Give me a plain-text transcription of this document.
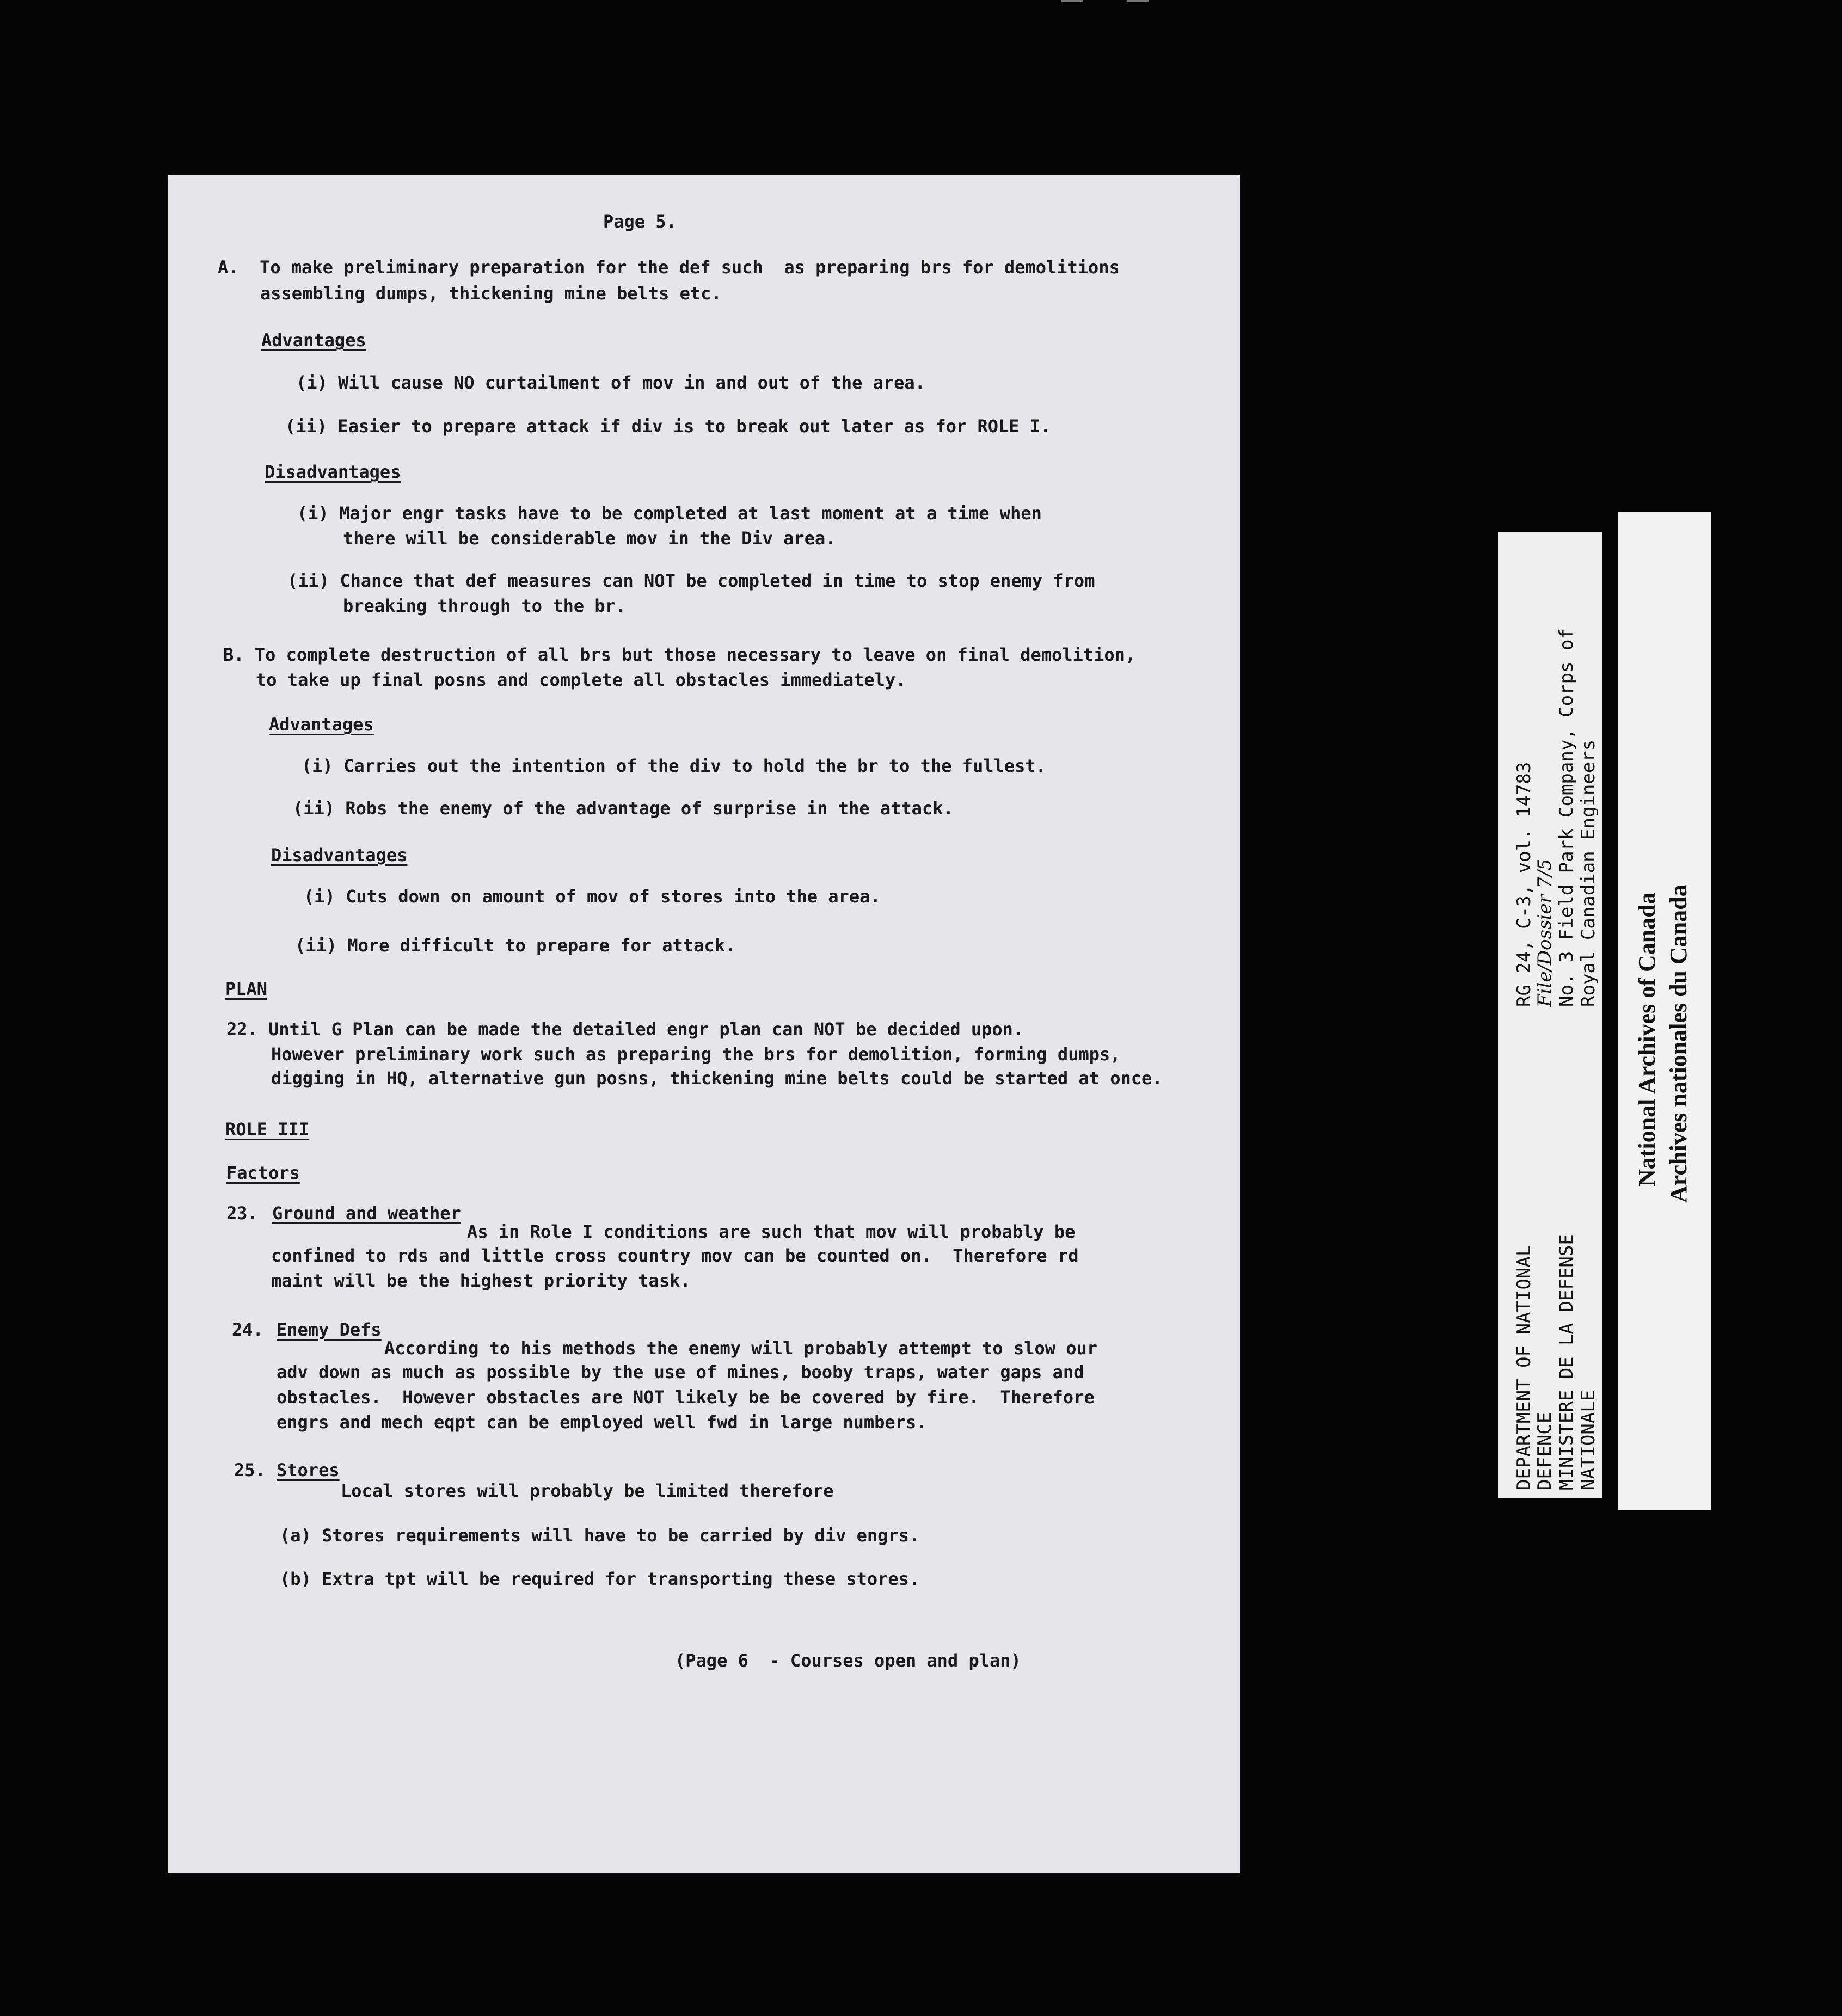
Page 5.
A.  To make preliminary preparation for the def such  as preparing brs for demolitions
assembling dumps, thickening mine belts etc.
Advantages
(i) Will cause NO curtailment of mov in and out of the area.
(ii) Easier to prepare attack if div is to break out later as for ROLE I.
Disadvantages
(i) Major engr tasks have to be completed at last moment at a time when
there will be considerable mov in the Div area.
(ii) Chance that def measures can NOT be completed in time to stop enemy from
breaking through to the br.
B. To complete destruction of all brs but those necessary to leave on final demolition,
to take up final posns and complete all obstacles immediately.
Advantages
(i) Carries out the intention of the div to hold the br to the fullest.
(ii) Robs the enemy of the advantage of surprise in the attack.
Disadvantages
(i) Cuts down on amount of mov of stores into the area.
(ii) More difficult to prepare for attack.
PLAN
22. Until G Plan can be made the detailed engr plan can NOT be decided upon.
However preliminary work such as preparing the brs for demolition, forming dumps,
digging in HQ, alternative gun posns, thickening mine belts could be started at once.
ROLE III
Factors
23. Ground and weather
As in Role I conditions are such that mov will probably be
confined to rds and little cross country mov can be counted on.  Therefore rd
maint will be the highest priority task.
24. Enemy Defs
According to his methods the enemy will probably attempt to slow our
adv down as much as possible by the use of mines, booby traps, water gaps and
obstacles.  However obstacles are NOT likely be be covered by fire.  Therefore
engrs and mech eqpt can be employed well fwd in large numbers.
25. Stores
Local stores will probably be limited therefore
(a) Stores requirements will have to be carried by div engrs.
(b) Extra tpt will be required for transporting these stores.
(Page 6  - Courses open and plan)
RG 24, C-3, vol. 14783
File/Dossier 7/5 No. 3 Field Park Company, Corps of Royal Canadian Engineers
DEPARTMENT OF NATIONAL
DEFENCE MINISTERE DE LA DEFENSE NATIONALE
National Archives of Canada Archives nationales du Canada
